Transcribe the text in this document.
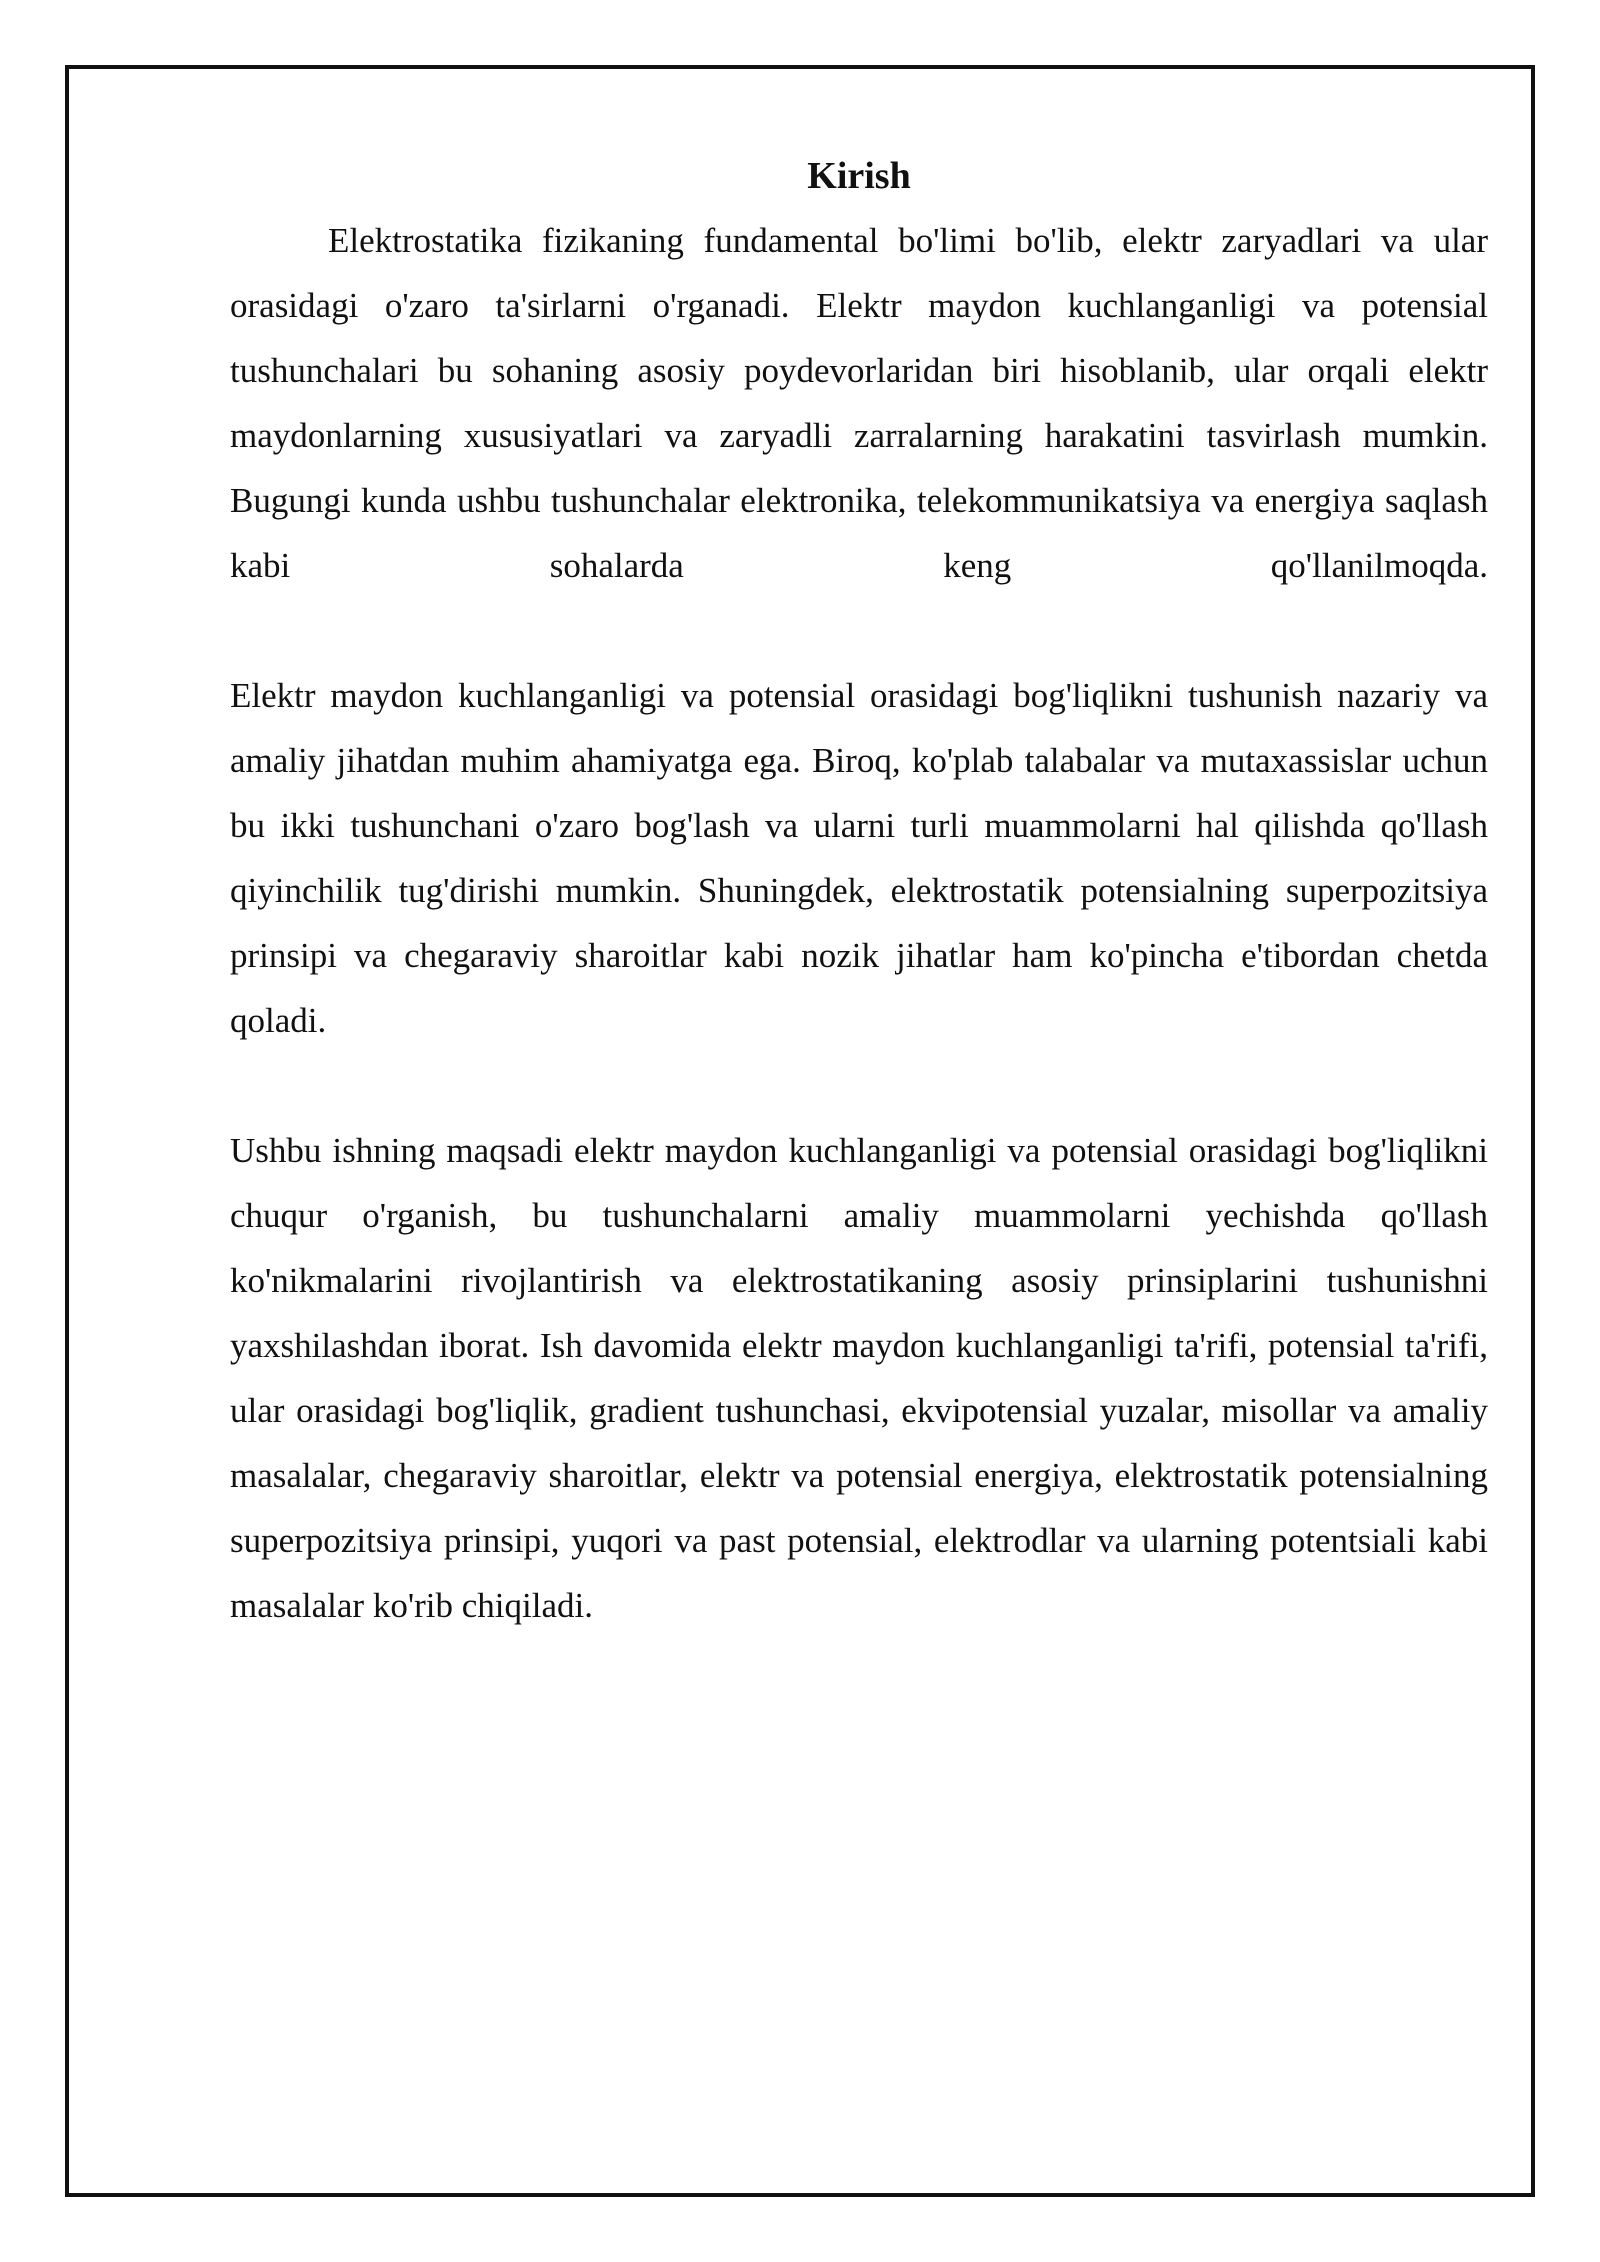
Kirish

Elektrostatika fizikaning fundamental bo'limi bo'lib, elektr zaryadlari va ular orasidagi o'zaro ta'sirlarni o'rganadi. Elektr maydon kuchlanganligi va potensial tushunchalari bu sohaning asosiy poydevorlaridan biri hisoblanib, ular orqali elektr maydonlarning xususiyatlari va zaryadli zarralarning harakatini tasvirlash mumkin. Bugungi kunda ushbu tushunchalar elektronika, telekommunikatsiya va energiya saqlash kabi sohalarda keng qo'llanilmoqda.

Elektr maydon kuchlanganligi va potensial orasidagi bog'liqlikni tushunish nazariy va amaliy jihatdan muhim ahamiyatga ega. Biroq, ko'plab talabalar va mutaxassislar uchun bu ikki tushunchani o'zaro bog'lash va ularni turli muammolarni hal qilishda qo'llash qiyinchilik tug'dirishi mumkin. Shuningdek, elektrostatik potensialning superpozitsiya prinsipi va chegaraviy sharoitlar kabi nozik jihatlar ham ko'pincha e'tibordan chetda qoladi.

Ushbu ishning maqsadi elektr maydon kuchlanganligi va potensial orasidagi bog'liqlikni chuqur o'rganish, bu tushunchalarni amaliy muammolarni yechishda qo'llash ko'nikmalarini rivojlantirish va elektrostatikaning asosiy prinsiplarini tushunishni yaxshilashdan iborat. Ish davomida elektr maydon kuchlanganligi ta'rifi, potensial ta'rifi, ular orasidagi bog'liqlik, gradient tushunchasi, ekvipotensial yuzalar, misollar va amaliy masalalar, chegaraviy sharoitlar, elektr va potensial energiya, elektrostatik potensialning superpozitsiya prinsipi, yuqori va past potensial, elektrodlar va ularning potentsiali kabi masalalar ko'rib chiqiladi.
